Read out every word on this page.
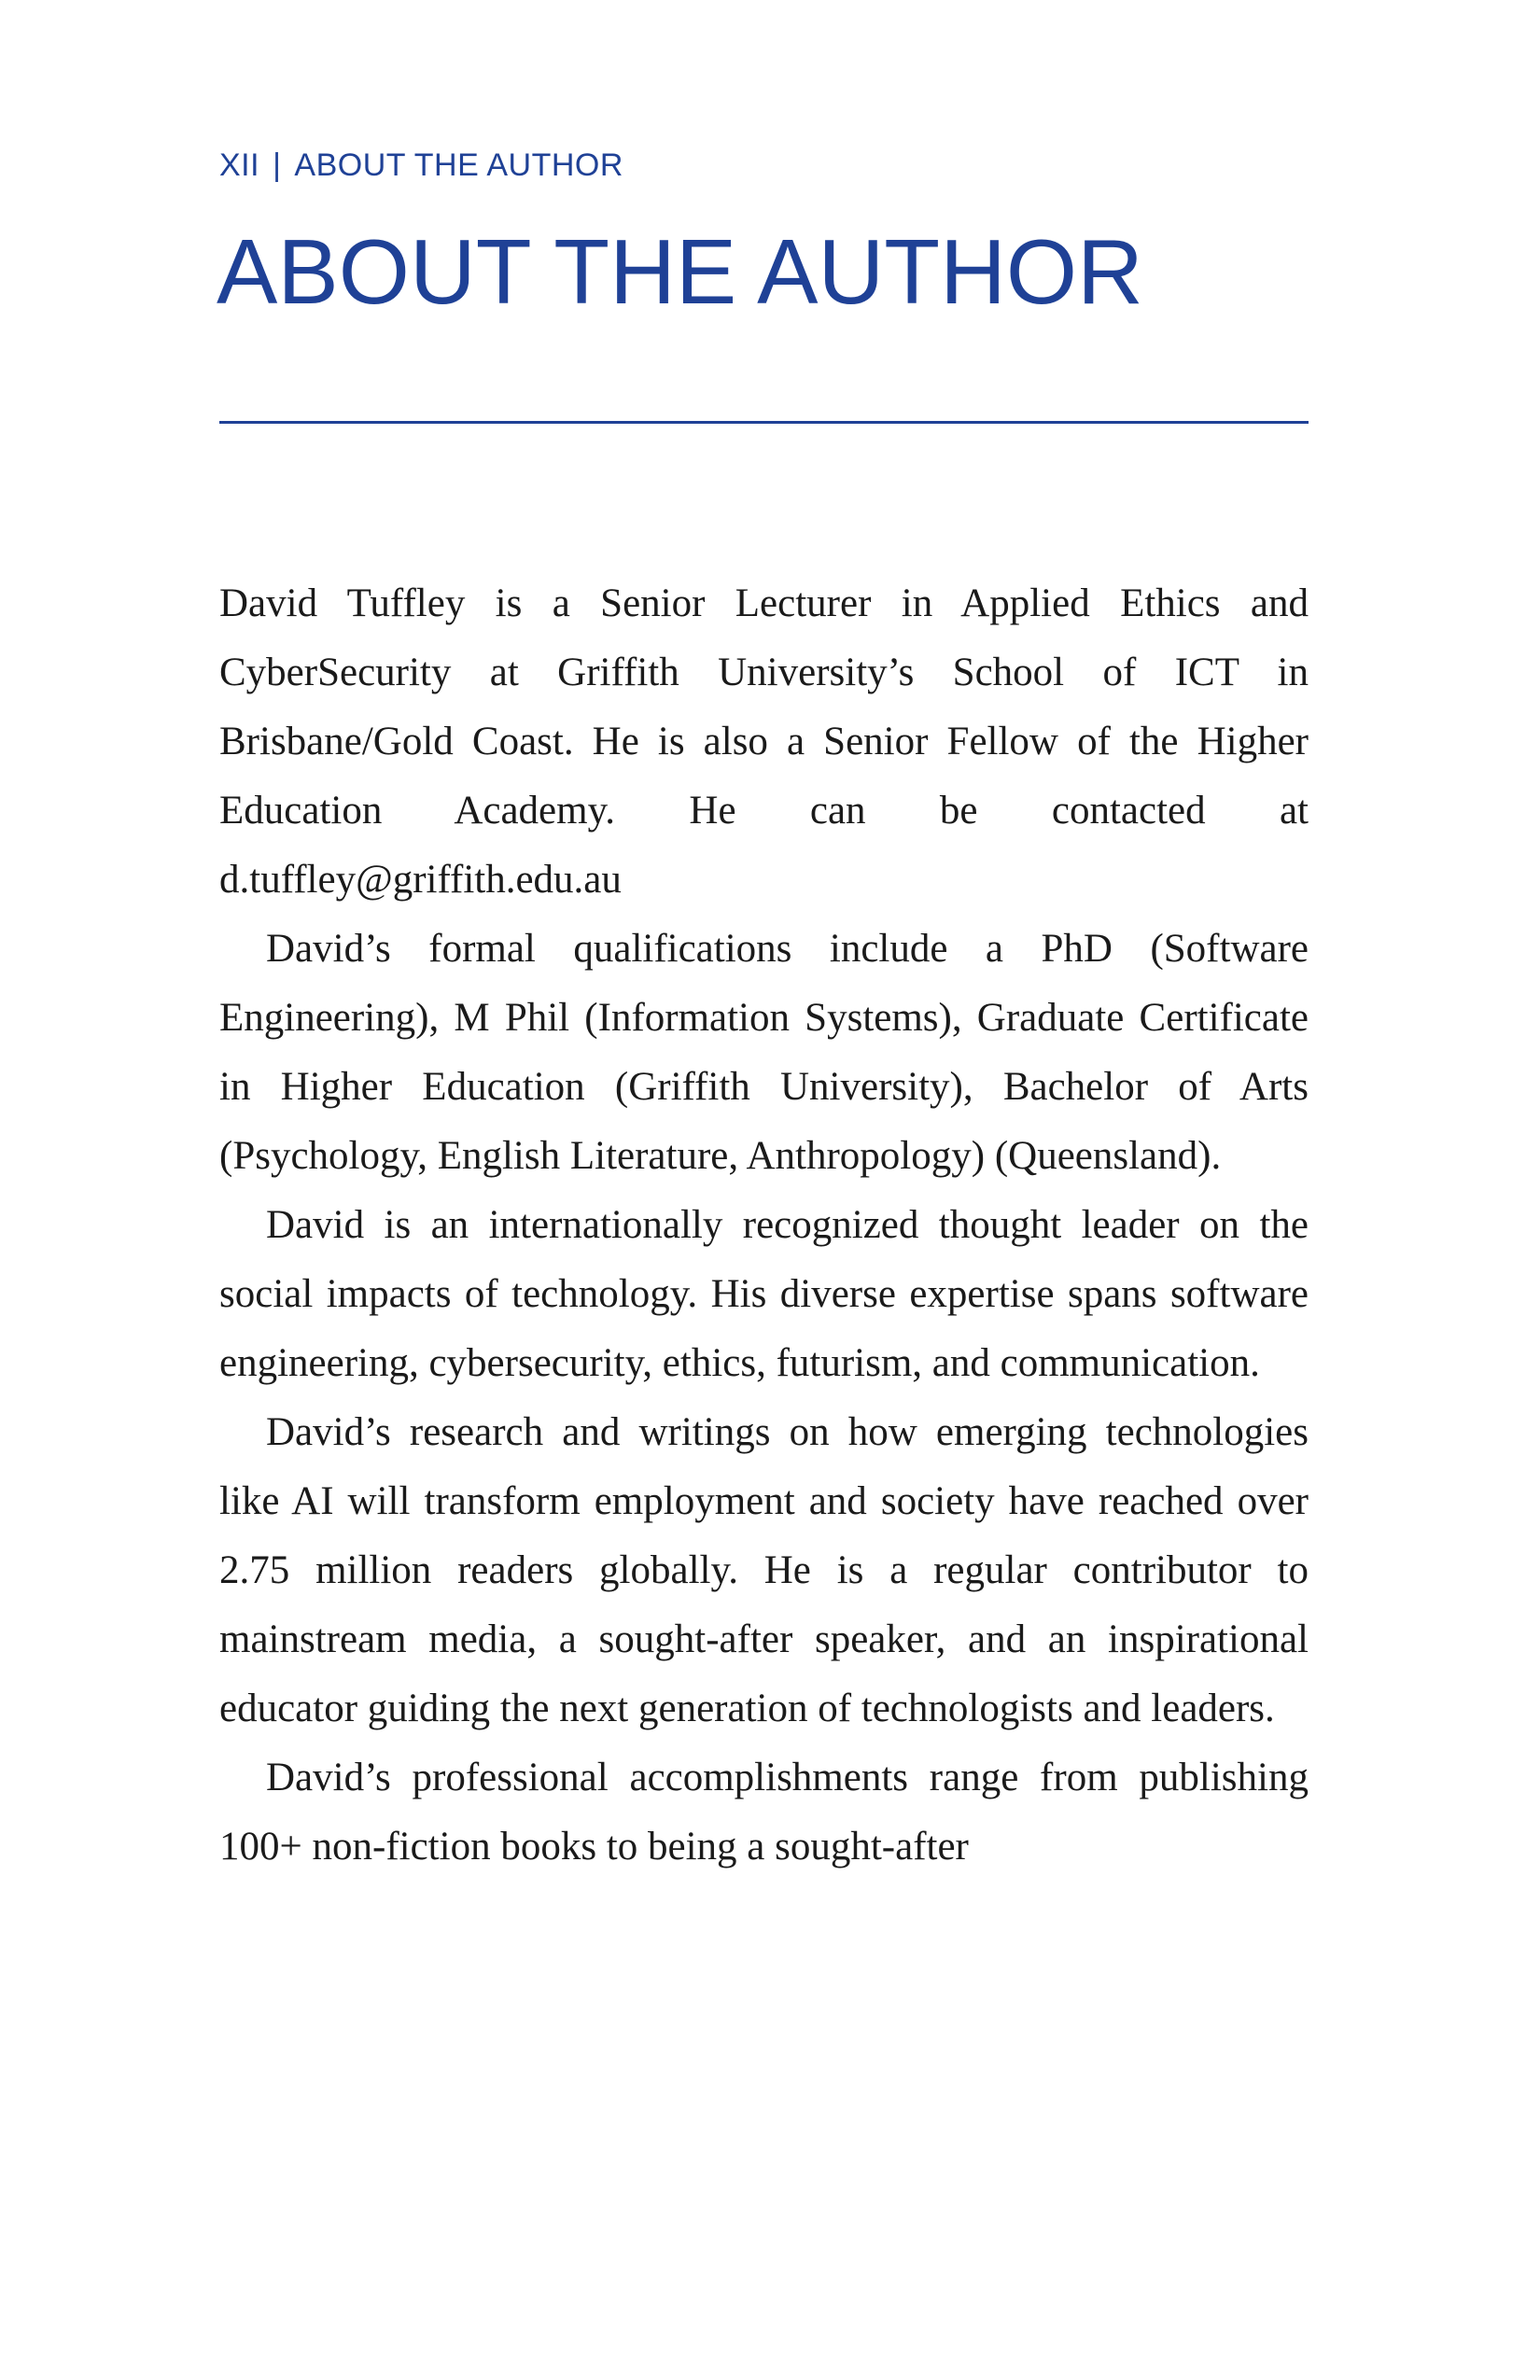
XII | ABOUT THE AUTHOR
ABOUT THE AUTHOR

David Tuffley is a Senior Lecturer in Applied Ethics and CyberSecurity at Griffith University’s School of ICT in Brisbane/Gold Coast. He is also a Senior Fellow of the Higher Education Academy. He can be contacted at d.tuffley@griffith.edu.au

David’s formal qualifications include a PhD (Software Engineering), M Phil (Information Systems), Graduate Certificate in Higher Education (Griffith University), Bachelor of Arts (Psychology, English Literature, Anthropology) (Queensland).

David is an internationally recognized thought leader on the social impacts of technology. His diverse expertise spans software engineering, cybersecurity, ethics, futurism, and communication.

David’s research and writings on how emerging technologies like AI will transform employment and society have reached over 2.75 million readers globally. He is a regular contributor to mainstream media, a sought-after speaker, and an inspirational educator guiding the next generation of technologists and leaders.

David’s professional accomplishments range from publishing 100+ non-fiction books to being a sought-after
